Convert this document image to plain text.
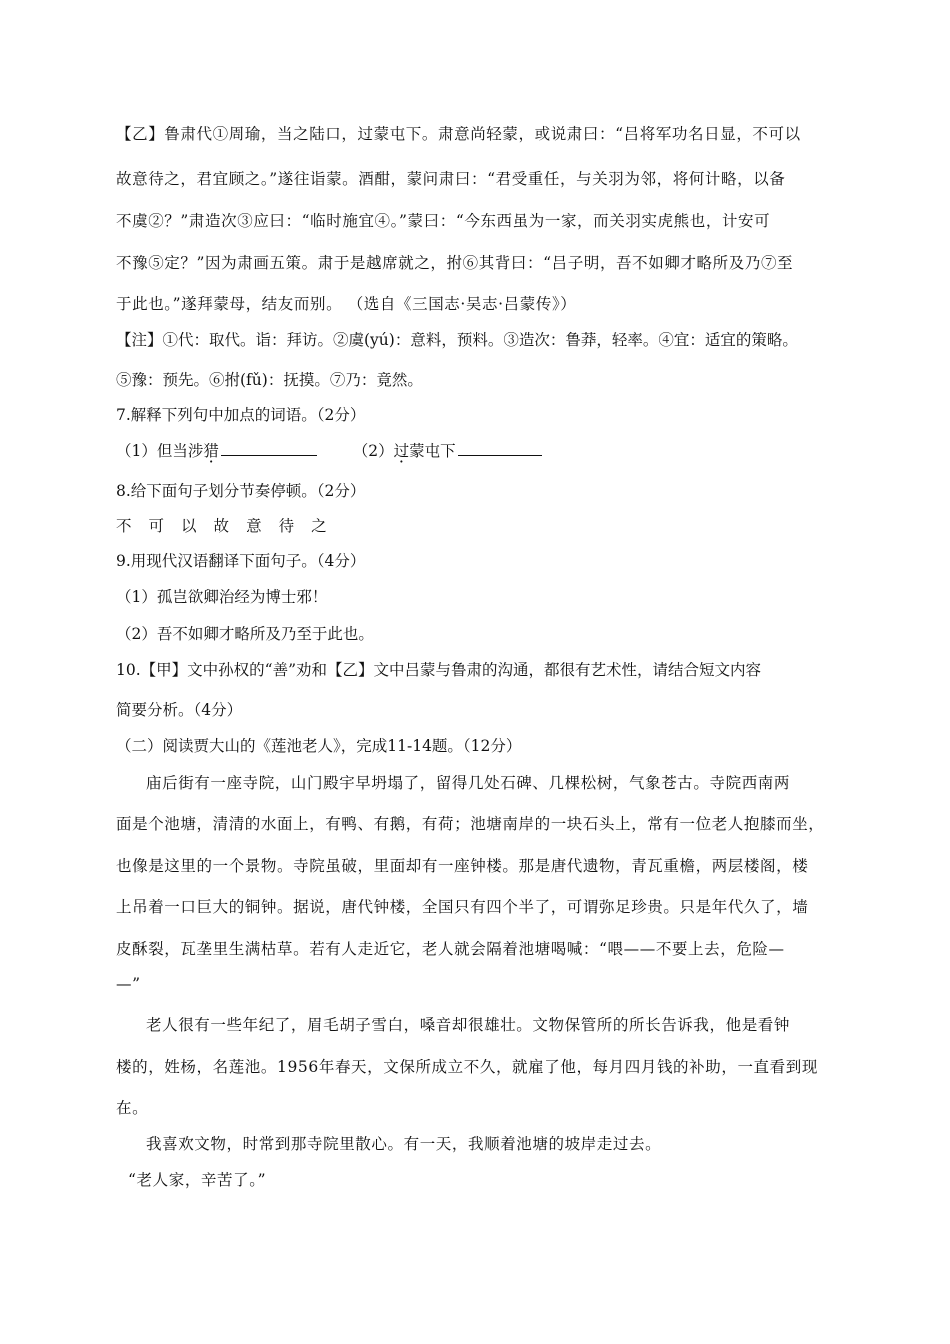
【乙】鲁肃代①周瑜，当之陆口，过蒙屯下。肃意尚轻蒙，或说肃曰：“吕将军功名日显，不可以
故意待之，君宜顾之。”遂往诣蒙。酒酣，蒙问肃曰：“君受重任，与关羽为邻，将何计略，以备
不虞②？”肃造次③应曰：“临时施宜④。”蒙曰：“今东西虽为一家，而关羽实虎熊也，计安可
不豫⑤定？”因为肃画五策。肃于是越席就之，拊⑥其背曰：“吕子明，吾不如卿才略所及乃⑦至
于此也。”遂拜蒙母，结友而别。 （选自《三国志·吴志·吕蒙传》）
【注】①代：取代。诣：拜访。②虞(yú)：意料，预料。③造次：鲁莽，轻率。④宜：适宜的策略。
⑤豫：预先。⑥拊(fǔ)：抚摸。⑦乃：竟然。
7.解释下列句中加点的词语。（2分）
（1）但当涉猎	（2）过蒙屯下
8.给下面句子划分节奏停顿。（2分）
不 可 以 故 意 待 之
9.用现代汉语翻译下面句子。（4分）
（1）孤岂欲卿治经为博士邪！
（2）吾不如卿才略所及乃至于此也。
10.【甲】文中孙权的“善”劝和【乙】文中吕蒙与鲁肃的沟通，都很有艺术性，请结合短文内容
简要分析。（4分）
（二）阅读贾大山的《莲池老人》，完成11-14题。（12分）
庙后街有一座寺院，山门殿宇早坍塌了，留得几处石碑、几棵松树，气象苍古。寺院西南两
面是个池塘，清清的水面上，有鸭、有鹅，有荷；池塘南岸的一块石头上，常有一位老人抱膝而坐，
也像是这里的一个景物。寺院虽破，里面却有一座钟楼。那是唐代遗物，青瓦重檐，两层楼阁，楼
上吊着一口巨大的铜钟。据说，唐代钟楼，全国只有四个半了，可谓弥足珍贵。只是年代久了，墙
皮酥裂，瓦垄里生满枯草。若有人走近它，老人就会隔着池塘喝喊：“喂——不要上去，危险—
—”
老人很有一些年纪了，眉毛胡子雪白，嗓音却很雄壮。文物保管所的所长告诉我，他是看钟
楼的，姓杨，名莲池。1956年春天，文保所成立不久，就雇了他，每月四月钱的补助，一直看到现
在。
我喜欢文物，时常到那寺院里散心。有一天，我顺着池塘的坡岸走过去。
“老人家，辛苦了。”
